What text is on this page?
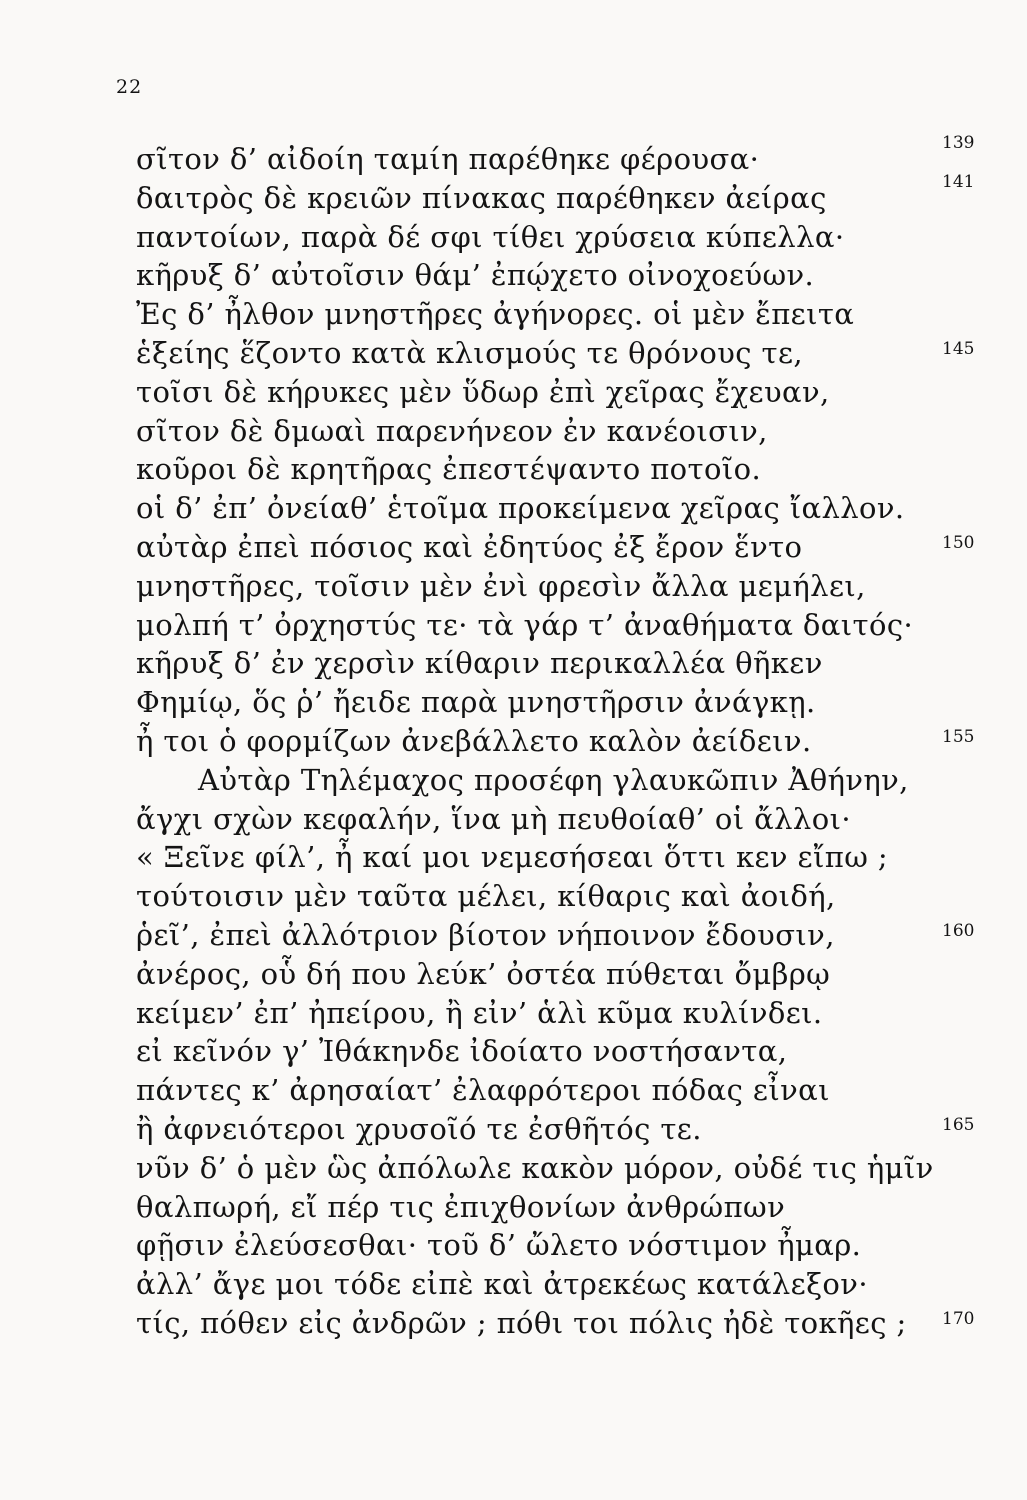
22
σῖτον δ’ αἰδοίη ταμίη παρέθηκε φέρουσα·	139
δαιτρὸς δὲ κρειῶν πίνακας παρέθηκεν ἀείρας	141
παντοίων, παρὰ δέ σφι τίθει χρύσεια κύπελλα·
κῆρυξ δ’ αὐτοῖσιν θάμ’ ἐπῴχετο οἰνοχοεύων.
Ἐς δ’ ἦλθον μνηστῆρες ἀγήνορες. οἱ μὲν ἔπειτα
ἑξείης ἕζοντο κατὰ κλισμούς τε θρόνους τε,	145
τοῖσι δὲ κήρυκες μὲν ὕδωρ ἐπὶ χεῖρας ἔχευαν,
σῖτον δὲ δμωαὶ παρενήνεον ἐν κανέοισιν,
κοῦροι δὲ κρητῆρας ἐπεστέψαντο ποτοῖο.
οἱ δ’ ἐπ’ ὀνείαθ’ ἑτοῖμα προκείμενα χεῖρας ἴαλλον.
αὐτὰρ ἐπεὶ πόσιος καὶ ἐδητύος ἐξ ἔρον ἕντο	150
μνηστῆρες, τοῖσιν μὲν ἐνὶ φρεσὶν ἄλλα μεμήλει,
μολπή τ’ ὀρχηστύς τε· τὰ γάρ τ’ ἀναθήματα δαιτός·
κῆρυξ δ’ ἐν χερσὶν κίθαριν περικαλλέα θῆκεν
Φημίῳ, ὅς ῥ’ ἤειδε παρὰ μνηστῆρσιν ἀνάγκῃ.
ἦ τοι ὁ φορμίζων ἀνεβάλλετο καλὸν ἀείδειν.	155
Αὐτὰρ Τηλέμαχος προσέφη γλαυκῶπιν Ἀθήνην,
ἄγχι σχὼν κεφαλήν, ἵνα μὴ πευθοίαθ’ οἱ ἄλλοι·
« Ξεῖνε φίλ’, ἦ καί μοι νεμεσήσεαι ὅττι κεν εἴπω ;
τούτοισιν μὲν ταῦτα μέλει, κίθαρις καὶ ἀοιδή,
ῥεῖ’, ἐπεὶ ἀλλότριον βίοτον νήποινον ἔδουσιν,	160
ἀνέρος, οὗ δή που λεύκ’ ὀστέα πύθεται ὄμβρῳ
κείμεν’ ἐπ’ ἠπείρου, ἢ εἰν’ ἁλὶ κῦμα κυλίνδει.
εἰ κεῖνόν γ’ Ἰθάκηνδε ἰδοίατο νοστήσαντα,
πάντες κ’ ἀρησαίατ’ ἐλαφρότεροι πόδας εἶναι
ἢ ἀφνειότεροι χρυσοῖό τε ἐσθῆτός τε.	165
νῦν δ’ ὁ μὲν ὣς ἀπόλωλε κακὸν μόρον, οὐδέ τις ἡμῖν
θαλπωρή, εἴ πέρ τις ἐπιχθονίων ἀνθρώπων
φῇσιν ἐλεύσεσθαι· τοῦ δ’ ὤλετο νόστιμον ἦμαρ.
ἀλλ’ ἄγε μοι τόδε εἰπὲ καὶ ἀτρεκέως κατάλεξον·
τίς, πόθεν εἰς ἀνδρῶν ; πόθι τοι πόλις ἠδὲ τοκῆες ; 170
